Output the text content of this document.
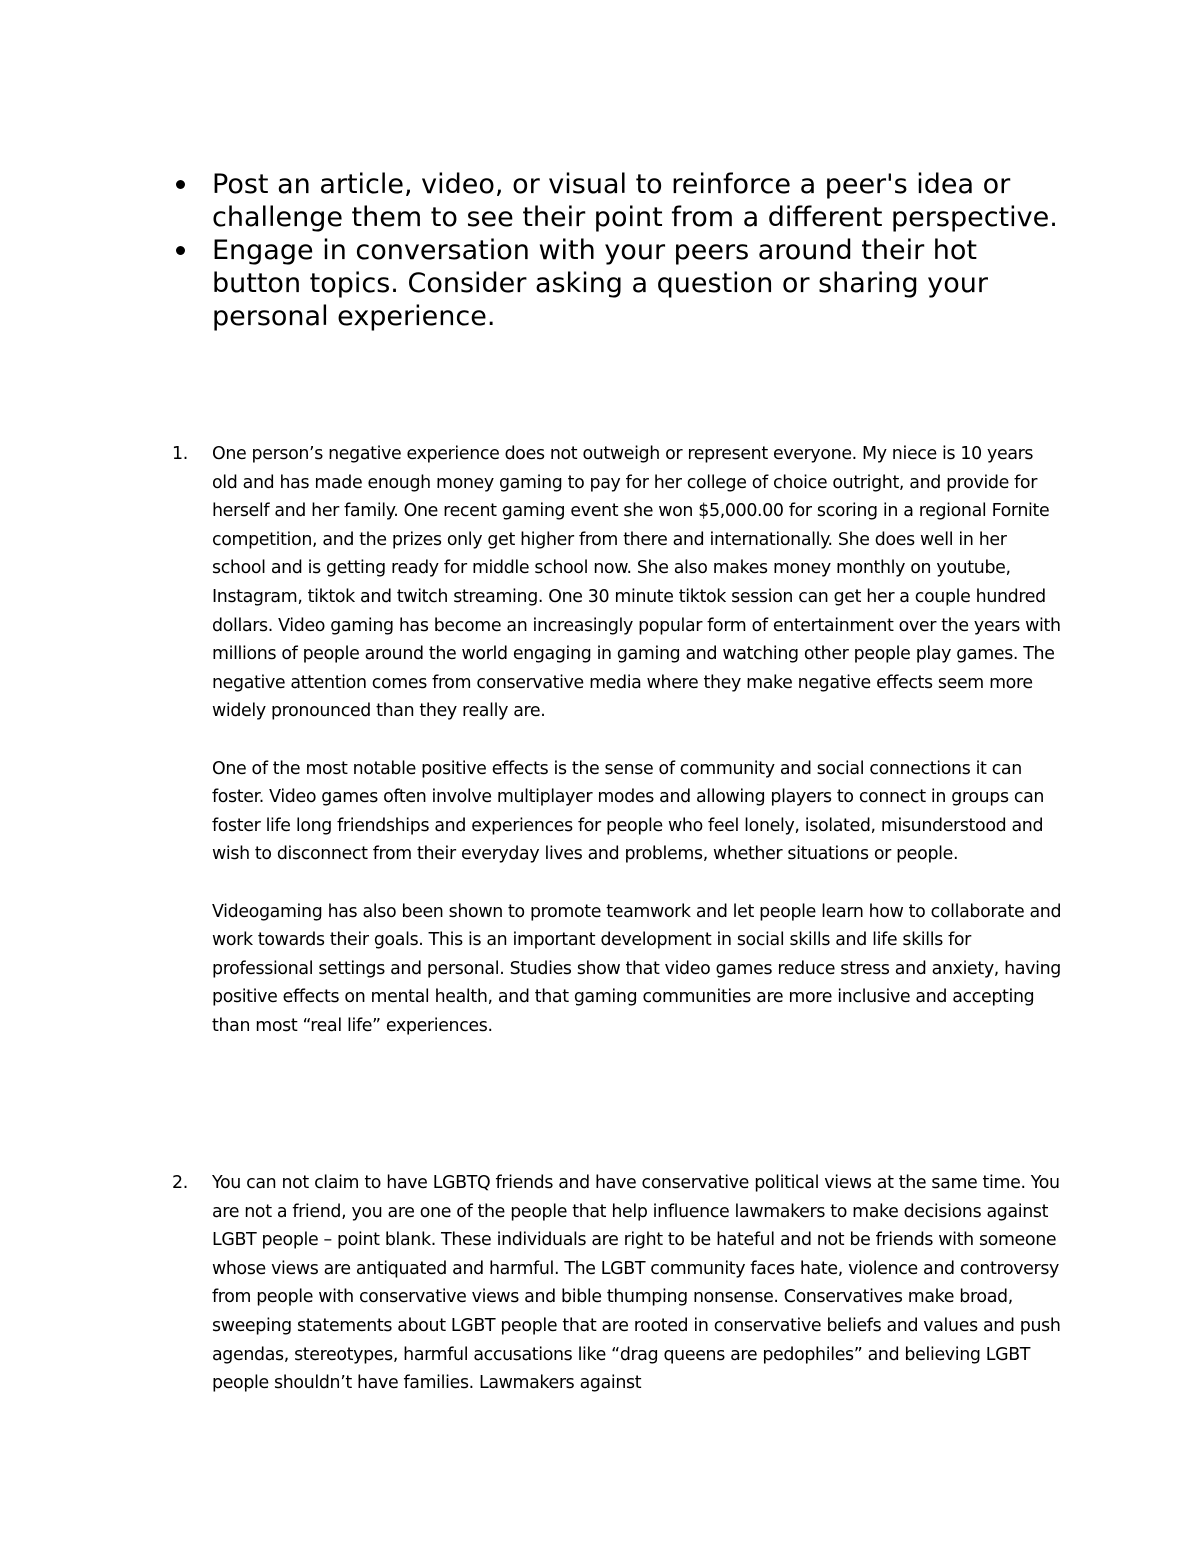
Post an article, video, or visual to reinforce a peer's idea or challenge them to see their point from a different perspective.
Engage in conversation with your peers around their hot button topics. Consider asking a question or sharing your personal experience.
1. One person’s negative experience does not outweigh or represent everyone. My niece is 10 years old and has made enough money gaming to pay for her college of choice outright, and provide for herself and her family. One recent gaming event she won $5,000.00 for scoring in a regional Fornite competition, and the prizes only get higher from there and internationally. She does well in her school and is getting ready for middle school now. She also makes money monthly on youtube, Instagram, tiktok and twitch streaming. One 30 minute tiktok session can get her a couple hundred dollars. Video gaming has become an increasingly popular form of entertainment over the years with millions of people around the world engaging in gaming and watching other people play games. The negative attention comes from conservative media where they make negative effects seem more widely pronounced than they really are.

One of the most notable positive effects is the sense of community and social connections it can foster. Video games often involve multiplayer modes and allowing players to connect in groups can foster life long friendships and experiences for people who feel lonely, isolated, misunderstood and wish to disconnect from their everyday lives and problems, whether situations or people.

Videogaming has also been shown to promote teamwork and let people learn how to collaborate and work towards their goals. This is an important development in social skills and life skills for professional settings and personal. Studies show that video games reduce stress and anxiety, having positive effects on mental health, and that gaming communities are more inclusive and accepting than most “real life” experiences.

2. You can not claim to have LGBTQ friends and have conservative political views at the same time. You are not a friend, you are one of the people that help influence lawmakers to make decisions against LGBT people – point blank. These individuals are right to be hateful and not be friends with someone whose views are antiquated and harmful. The LGBT community faces hate, violence and controversy from people with conservative views and bible thumping nonsense. Conservatives make broad, sweeping statements about LGBT people that are rooted in conservative beliefs and values and push agendas, stereotypes, harmful accusations like “drag queens are pedophiles” and believing LGBT people shouldn’t have families. Lawmakers against
